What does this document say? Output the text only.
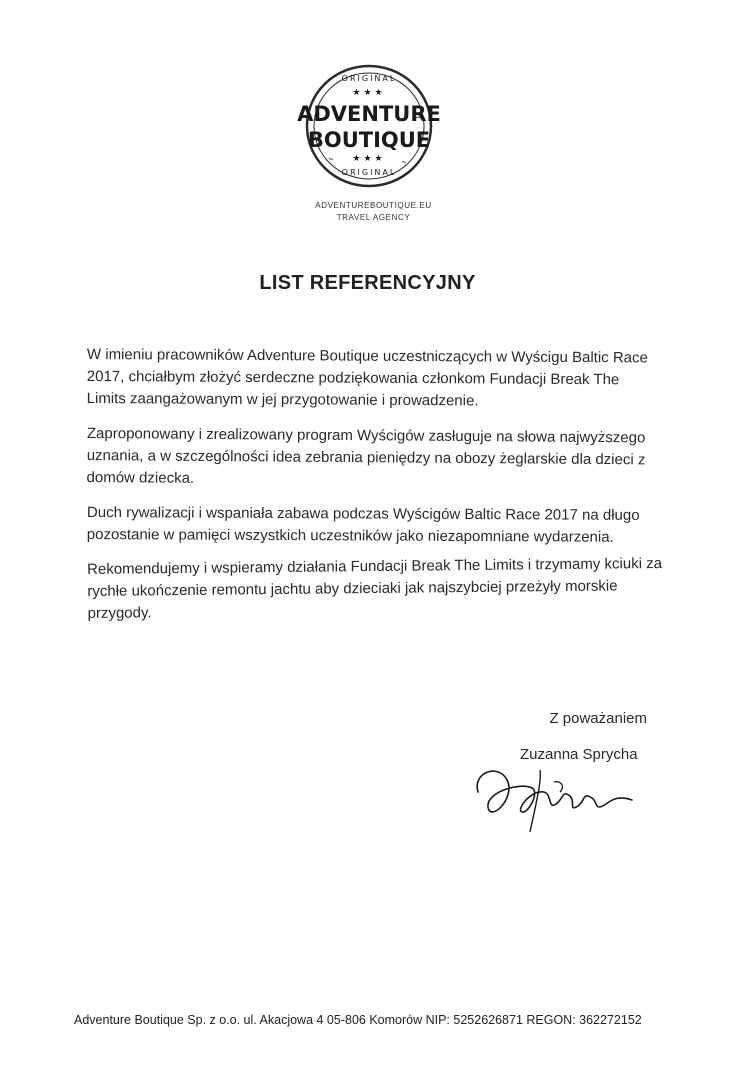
ORIGINAL
★★★
ADVENTURE
BOUTIQUE
★★★
ORIGINAL
ADVENTUREBOUTIQUE.EU
TRAVEL AGENCY
LIST REFERENCYJNY

W imieniu pracowników Adventure Boutique uczestniczących w Wyścigu Baltic Race 2017, chciałbym złożyć serdeczne podziękowania członkom Fundacji Break The Limits zaangażowanym w jej przygotowanie i prowadzenie.

Zaproponowany i zrealizowany program Wyścigów zasługuje na słowa najwyższego uznania, a w szczególności idea zebrania pieniędzy na obozy żeglarskie dla dzieci z domów dziecka.

Duch rywalizacji i wspaniała zabawa podczas Wyścigów Baltic Race 2017 na długo pozostanie w pamięci wszystkich uczestników jako niezapomniane wydarzenia.

Rekomendujemy i wspieramy działania Fundacji Break The Limits i trzymamy kciuki za rychłe ukończenie remontu jachtu aby dzieciaki jak najszybciej przeżyły morskie przygody.

Z poważaniem
Zuzanna Sprycha
Adventure Boutique Sp. z o.o. ul. Akacjowa 4 05-806 Komorów NIP: 5252626871 REGON: 362272152
